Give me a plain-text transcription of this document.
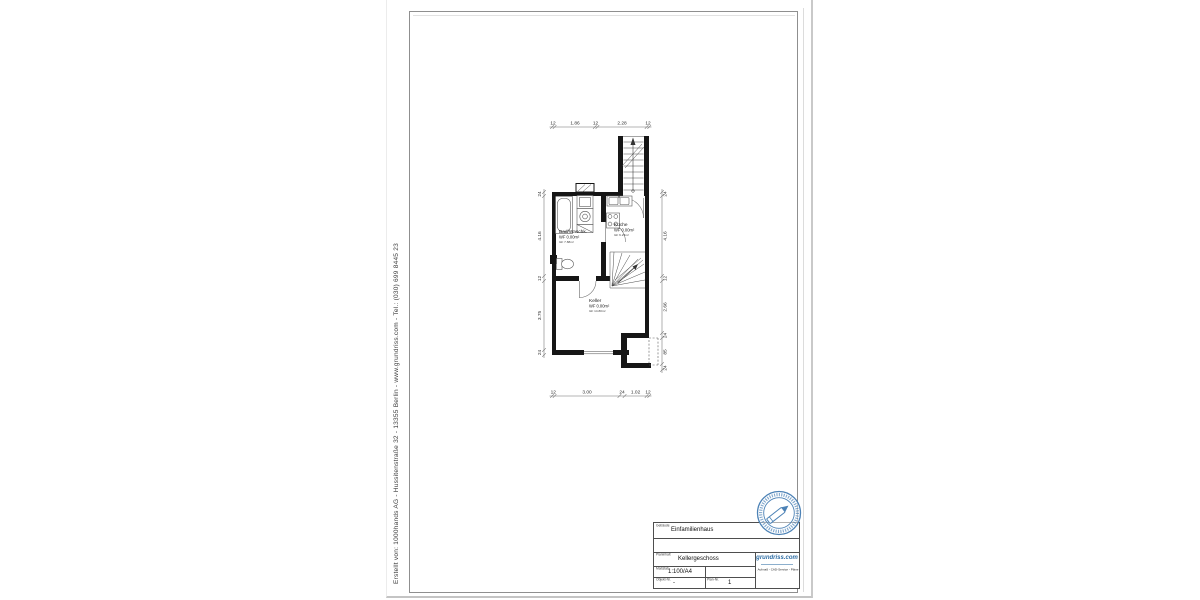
Erstellt von: 1000hands AG - Hussitenstraße 32 - 13355 Berlin - www.grundriss.com - Tel.: (030) 699 8445 23
Bad/Waschk.
WF 0.00m²
GF 7.88m²
Küche
WF 0.00m²
GF 6.25m²
Keller
WF 0.00m²
GF 14.80m²
12	1.86	12	2.28	12
12	3.00	24 1.02 12
24
4.16
12
3.75
24
24
4.16
12
2.66
24
85
24
Gebäude
Einfamilienhaus
Planinhalt
Kellergeschoss
Maßstab 1:100/A4
Objekt-Nr.
-
Plan-Nr.
1
grundriss.com
Aufmaß - CAD-Service - Pläne
